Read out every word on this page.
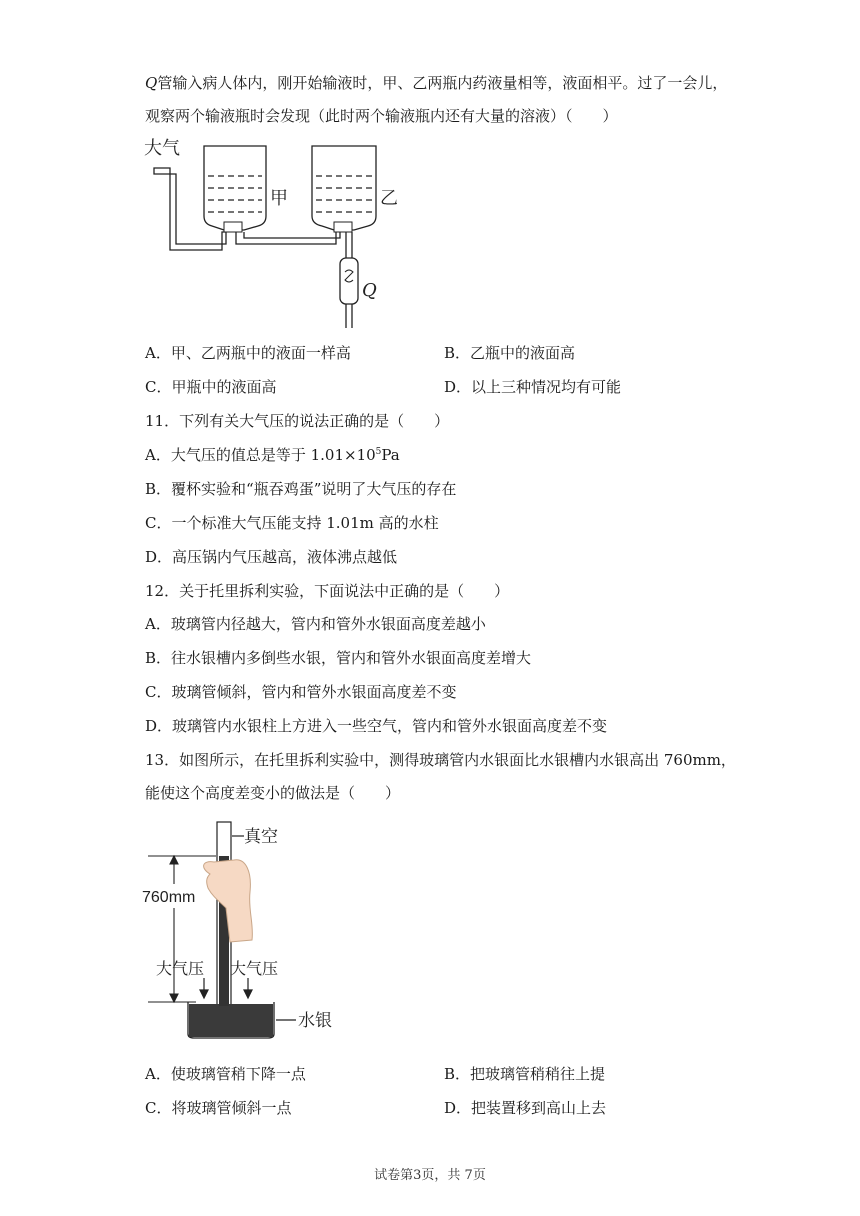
Q管输入病人体内，刚开始输液时，甲、乙两瓶内药液量相等，液面相平。过了一会儿，
观察两个输液瓶时会发现（此时两个输液瓶内还有大量的溶液）（　　）
大气
甲	乙
Q
A．甲、乙两瓶中的液面一样高	B．乙瓶中的液面高
C．甲瓶中的液面高	D．以上三种情况均有可能
11．下列有关大气压的说法正确的是（　　）
A．大气压的值总是等于 $1.01\times 10^5Pa$
B．覆杯实验和“瓶吞鸡蛋”说明了大气压的存在
C．一个标准大气压能支持 1.01m 高的水柱
D．高压锅内气压越高，液体沸点越低
12．关于托里拆利实验，下面说法中正确的是（　　）
A．玻璃管内径越大，管内和管外水银面高度差越小
B．往水银槽内多倒些水银，管内和管外水银面高度差增大
C．玻璃管倾斜，管内和管外水银面高度差不变
D．玻璃管内水银柱上方进入一些空气，管内和管外水银面高度差不变
13．如图所示，在托里拆利实验中，测得玻璃管内水银面比水银槽内水银高出 760mm，
能使这个高度差变小的做法是（　　）
真空
760mm
大气压 大气压
水银
A．使玻璃管稍下降一点	B．把玻璃管稍稍往上提
C．将玻璃管倾斜一点	D．把装置移到高山上去
试卷第3页，共 7页
